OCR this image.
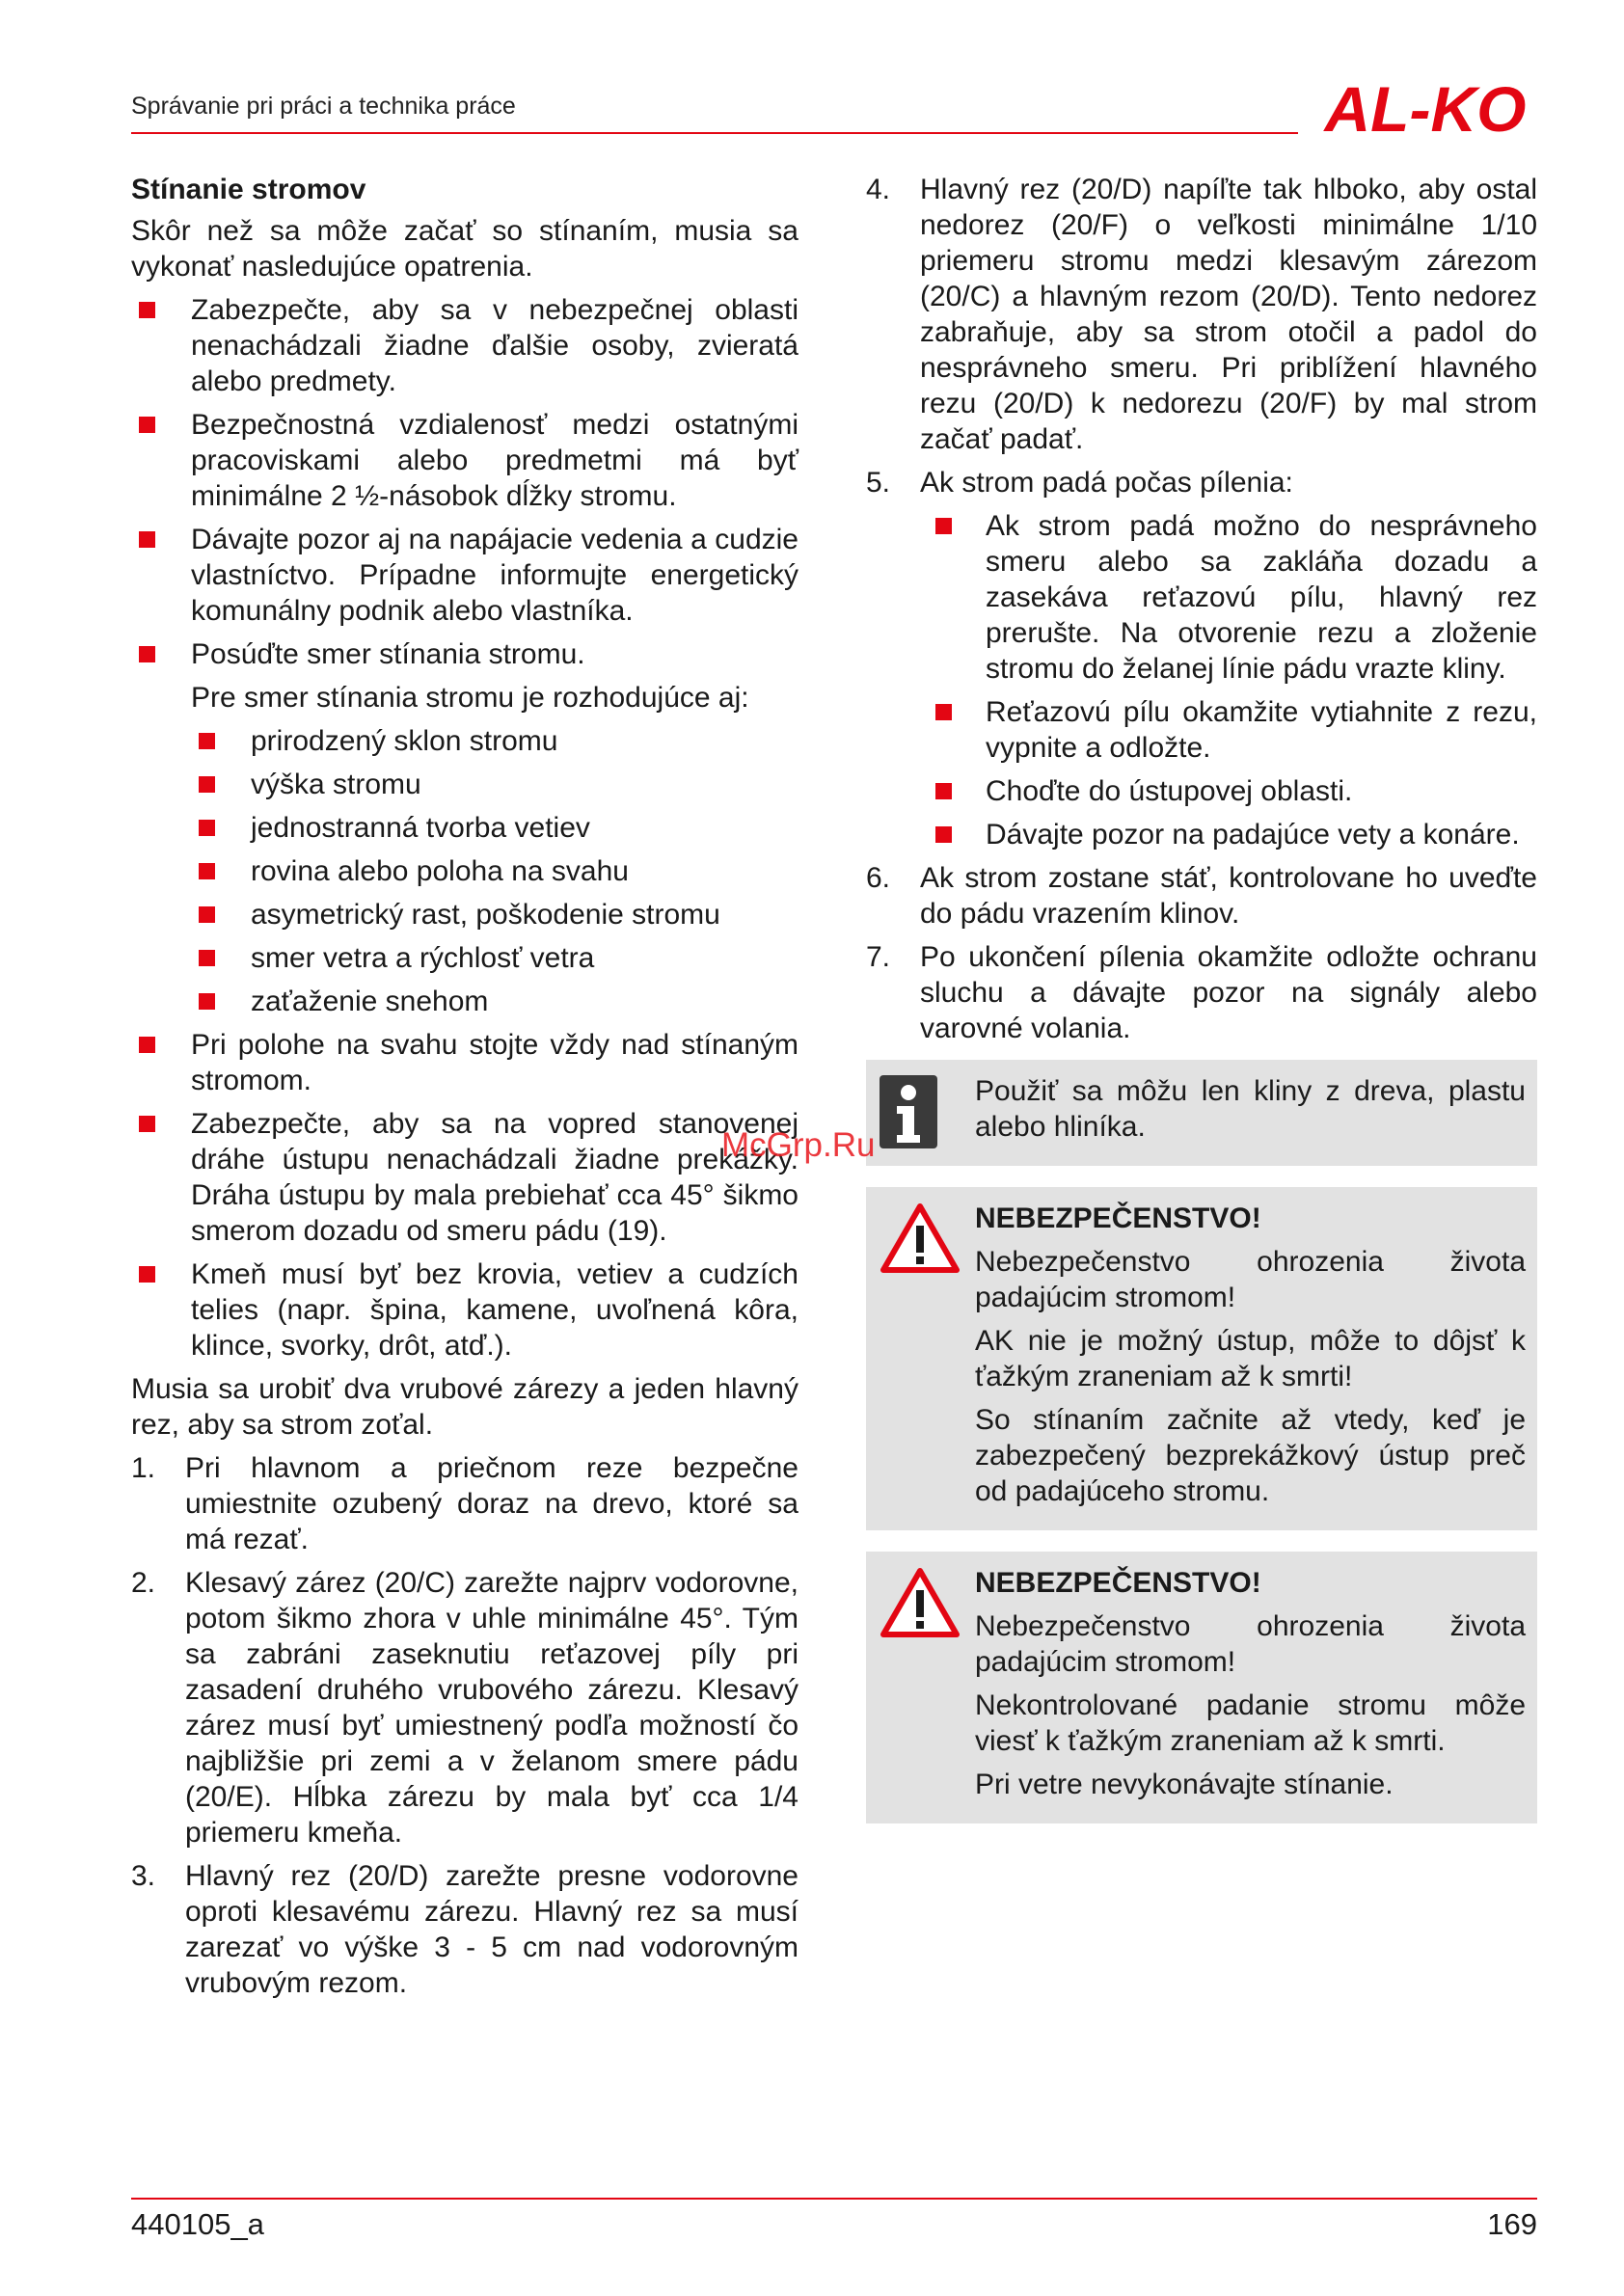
Správanie pri práci a technika práce	AL-KO
Stínanie stromov

Skôr než sa môže začať so stínaním, musia sa vykonať nasledujúce opatrenia.

Zabezpečte, aby sa v nebezpečnej oblasti nenachádzali žiadne ďalšie osoby, zvieratá alebo predmety.
Bezpečnostná vzdialenosť medzi ostatnými pracoviskami alebo predmetmi má byť minimálne 2 ½-násobok dĺžky stromu.
Dávajte pozor aj na napájacie vedenia a cudzie vlastníctvo. Prípadne informujte energetický komunálny podnik alebo vlastníka.
Posúďte smer stínania stromu.
Pre smer stínania stromu je rozhodujúce aj:
prirodzený sklon stromu
výška stromu
jednostranná tvorba vetiev
rovina alebo poloha na svahu
asymetrický rast, poškodenie stromu
smer vetra a rýchlosť vetra
zaťaženie snehom
Pri polohe na svahu stojte vždy nad stínaným stromom.
Zabezpečte, aby sa na vopred stanovenej dráhe ústupu nenachádzali žiadne prekážky. Dráha ústupu by mala prebiehať cca 45° šikmo smerom dozadu od smeru pádu (19).
Kmeň musí byť bez krovia, vetiev a cudzích telies (napr. špina, kamene, uvoľnená kôra, klince, svorky, drôt, atď.).

Musia sa urobiť dva vrubové zárezy a jeden hlavný rez, aby sa strom zoťal.

1. Pri hlavnom a priečnom reze bezpečne umiestnite ozubený doraz na drevo, ktoré sa má rezať.
2. Klesavý zárez (20/C) zarežte najprv vodorovne, potom šikmo zhora v uhle minimálne 45°. Tým sa zabráni zaseknutiu reťazovej píly pri zasadení druhého vrubového zárezu. Klesavý zárez musí byť umiestnený podľa možností čo najbližšie pri zemi a v želanom smere pádu (20/E). Hĺbka zárezu by mala byť cca 1/4 priemeru kmeňa.
3. Hlavný rez (20/D) zarežte presne vodorovne oproti klesavému zárezu. Hlavný rez sa musí zarezať vo výške 3 - 5 cm nad vodorovným vrubovým rezom.
4. Hlavný rez (20/D) napíľte tak hlboko, aby ostal nedorez (20/F) o veľkosti minimálne 1/10 priemeru stromu medzi klesavým zárezom (20/C) a hlavným rezom (20/D). Tento nedorez zabraňuje, aby sa strom otočil a padol do nesprávneho smeru. Pri priblížení hlavného rezu (20/D) k nedorezu (20/F) by mal strom začať padať.
5. Ak strom padá počas pílenia:
Ak strom padá možno do nesprávneho smeru alebo sa zakláňa dozadu a zasekáva reťazovú pílu, hlavný rez prerušte. Na otvorenie rezu a zloženie stromu do želanej línie pádu vrazte kliny.
Reťazovú pílu okamžite vytiahnite z rezu, vypnite a odložte.
Choďte do ústupovej oblasti.
Dávajte pozor na padajúce vety a konáre.
6. Ak strom zostane stáť, kontrolovane ho uveďte do pádu vrazením klinov.
7. Po ukončení pílenia okamžite odložte ochranu sluchu a dávajte pozor na signály alebo varovné volania.

Použiť sa môžu len kliny z dreva, plastu alebo hliníka.

NEBEZPEČENSTVO!

Nebezpečenstvo ohrozenia života padajúcim stromom!

AK nie je možný ústup, môže to dôjsť k ťažkým zraneniam až k smrti!

So stínaním začnite až vtedy, keď je zabezpečený bezprekážkový ústup preč od padajúceho stromu.

NEBEZPEČENSTVO!

Nebezpečenstvo ohrozenia života padajúcim stromom!

Nekontrolované padanie stromu môže viesť k ťažkým zraneniam až k smrti.

Pri vetre nevykonávajte stínanie.

McGrp.Ru
440105_a	169
